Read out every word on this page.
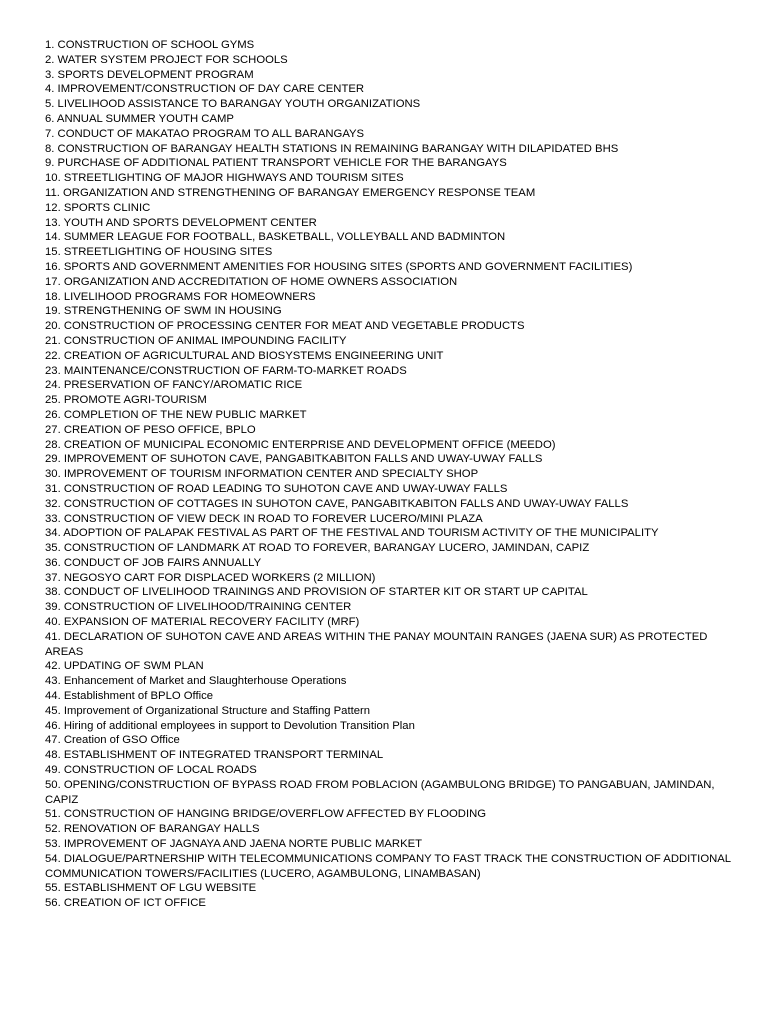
1. CONSTRUCTION OF SCHOOL GYMS
2. WATER SYSTEM PROJECT FOR SCHOOLS
3. SPORTS DEVELOPMENT PROGRAM
4. IMPROVEMENT/CONSTRUCTION OF DAY CARE CENTER
5. LIVELIHOOD ASSISTANCE TO BARANGAY YOUTH ORGANIZATIONS
6. ANNUAL SUMMER YOUTH CAMP
7. CONDUCT OF MAKATAO PROGRAM TO ALL BARANGAYS
8. CONSTRUCTION OF BARANGAY HEALTH STATIONS IN REMAINING BARANGAY WITH DILAPIDATED BHS
9. PURCHASE OF ADDITIONAL PATIENT TRANSPORT VEHICLE FOR THE BARANGAYS
10. STREETLIGHTING OF MAJOR HIGHWAYS AND TOURISM SITES
11. ORGANIZATION AND STRENGTHENING OF BARANGAY EMERGENCY RESPONSE TEAM
12. SPORTS CLINIC
13. YOUTH AND SPORTS DEVELOPMENT CENTER
14. SUMMER LEAGUE FOR FOOTBALL, BASKETBALL, VOLLEYBALL AND BADMINTON
15. STREETLIGHTING OF HOUSING SITES
16. SPORTS AND GOVERNMENT AMENITIES FOR HOUSING SITES (SPORTS AND GOVERNMENT FACILITIES)
17. ORGANIZATION AND ACCREDITATION OF HOME OWNERS ASSOCIATION
18. LIVELIHOOD PROGRAMS FOR HOMEOWNERS
19. STRENGTHENING OF SWM IN HOUSING
20. CONSTRUCTION OF PROCESSING CENTER FOR MEAT AND VEGETABLE PRODUCTS
21. CONSTRUCTION OF ANIMAL IMPOUNDING FACILITY
22. CREATION OF AGRICULTURAL AND BIOSYSTEMS ENGINEERING UNIT
23. MAINTENANCE/CONSTRUCTION OF FARM-TO-MARKET ROADS
24. PRESERVATION OF FANCY/AROMATIC RICE
25. PROMOTE AGRI-TOURISM
26. COMPLETION OF THE NEW PUBLIC MARKET
27. CREATION OF PESO OFFICE, BPLO
28. CREATION OF MUNICIPAL ECONOMIC ENTERPRISE AND DEVELOPMENT OFFICE (MEEDO)
29. IMPROVEMENT OF SUHOTON CAVE, PANGABITKABITON FALLS AND UWAY-UWAY FALLS
30. IMPROVEMENT OF TOURISM INFORMATION CENTER AND SPECIALTY SHOP
31. CONSTRUCTION OF ROAD LEADING TO SUHOTON CAVE AND UWAY-UWAY FALLS
32. CONSTRUCTION OF COTTAGES IN SUHOTON CAVE, PANGABITKABITON FALLS AND UWAY-UWAY FALLS
33. CONSTRUCTION OF VIEW DECK IN ROAD TO FOREVER LUCERO/MINI PLAZA
34. ADOPTION OF PALAPAK FESTIVAL AS PART OF THE FESTIVAL AND TOURISM ACTIVITY OF THE MUNICIPALITY
35. CONSTRUCTION OF LANDMARK AT ROAD TO FOREVER, BARANGAY LUCERO, JAMINDAN, CAPIZ
36. CONDUCT OF JOB FAIRS ANNUALLY
37. NEGOSYO CART FOR DISPLACED WORKERS (2 MILLION)
38. CONDUCT OF LIVELIHOOD TRAININGS AND PROVISION OF STARTER KIT OR START UP CAPITAL
39. CONSTRUCTION OF LIVELIHOOD/TRAINING CENTER
40. EXPANSION OF MATERIAL RECOVERY FACILITY (MRF)
41. DECLARATION OF SUHOTON CAVE AND AREAS WITHIN THE PANAY MOUNTAIN RANGES (JAENA SUR) AS PROTECTED AREAS
42. UPDATING OF SWM PLAN
43. Enhancement of Market and Slaughterhouse Operations
44. Establishment of BPLO Office
45. Improvement of Organizational Structure and Staffing Pattern
46. Hiring of additional employees in support to Devolution Transition Plan
47. Creation of GSO Office
48. ESTABLISHMENT OF INTEGRATED TRANSPORT TERMINAL
49. CONSTRUCTION OF LOCAL ROADS
50. OPENING/CONSTRUCTION OF BYPASS ROAD FROM POBLACION (AGAMBULONG BRIDGE) TO PANGABUAN, JAMINDAN, CAPIZ
51. CONSTRUCTION OF HANGING BRIDGE/OVERFLOW AFFECTED BY FLOODING
52. RENOVATION OF BARANGAY HALLS
53. IMPROVEMENT OF JAGNAYA AND JAENA NORTE PUBLIC MARKET
54. DIALOGUE/PARTNERSHIP WITH TELECOMMUNICATIONS COMPANY TO FAST TRACK THE CONSTRUCTION OF ADDITIONAL COMMUNICATION TOWERS/FACILITIES (LUCERO, AGAMBULONG, LINAMBASAN)
55. ESTABLISHMENT OF LGU WEBSITE
56. CREATION OF ICT OFFICE
